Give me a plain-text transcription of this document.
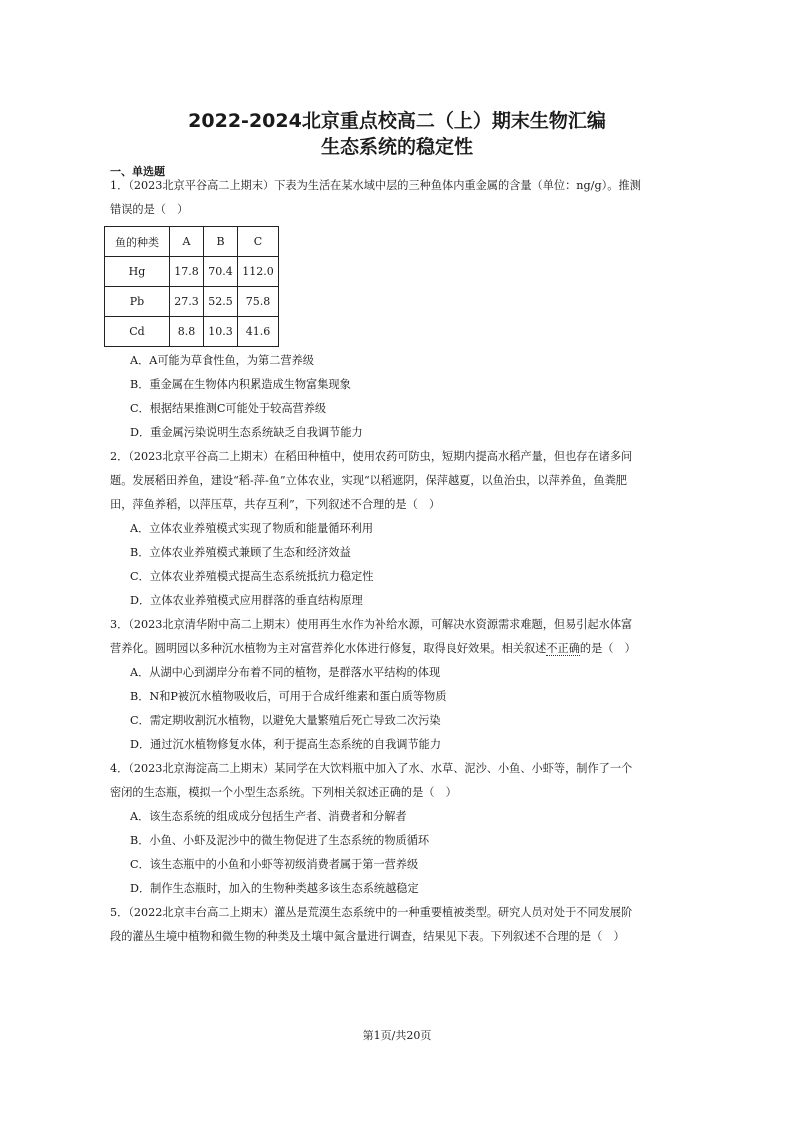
2022-2024北京重点校高二（上）期末生物汇编
生态系统的稳定性
一、单选题
1．（2023北京平谷高二上期末）下表为生活在某水域中层的三种鱼体内重金属的含量（单位：ng/g）。推测
错误的是（　）
鱼的种类	A	B	C
Hg	17.8	70.4	112.0
Pb	27.3	52.5	75.8
Cd	8.8	10.3	41.6
A．A可能为草食性鱼，为第二营养级
B．重金属在生物体内积累造成生物富集现象
C．根据结果推测C可能处于较高营养级
D．重金属污染说明生态系统缺乏自我调节能力
2．（2023北京平谷高二上期末）在稻田种植中，使用农药可防虫，短期内提高水稻产量，但也存在诸多问
题。发展稻田养鱼，建设“稻-萍-鱼”立体农业，实现“以稻遮阴，保萍越夏，以鱼治虫，以萍养鱼，鱼粪肥
田，萍鱼养稻，以萍压草，共存互利”，下列叙述不合理的是（　）
A．立体农业养殖模式实现了物质和能量循环利用
B．立体农业养殖模式兼顾了生态和经济效益
C．立体农业养殖模式提高生态系统抵抗力稳定性
D．立体农业养殖模式应用群落的垂直结构原理
3．（2023北京清华附中高二上期末）使用再生水作为补给水源，可解决水资源需求难题，但易引起水体富
营养化。圆明园以多种沉水植物为主对富营养化水体进行修复，取得良好效果。相关叙述不正确的是（　）
A．从湖中心到湖岸分布着不同的植物，是群落水平结构的体现
B．N和P被沉水植物吸收后，可用于合成纤维素和蛋白质等物质
C．需定期收割沉水植物，以避免大量繁殖后死亡导致二次污染
D．通过沉水植物修复水体，利于提高生态系统的自我调节能力
4．（2023北京海淀高二上期末）某同学在大饮料瓶中加入了水、水草、泥沙、小鱼、小虾等，制作了一个
密闭的生态瓶，模拟一个小型生态系统。下列相关叙述正确的是（　）
A．该生态系统的组成成分包括生产者、消费者和分解者
B．小鱼、小虾及泥沙中的微生物促进了生态系统的物质循环
C．该生态瓶中的小鱼和小虾等初级消费者属于第一营养级
D．制作生态瓶时，加入的生物种类越多该生态系统越稳定
5．（2022北京丰台高二上期末）灌丛是荒漠生态系统中的一种重要植被类型。研究人员对处于不同发展阶
段的灌丛生境中植物和微生物的种类及土壤中氮含量进行调查，结果见下表。下列叙述不合理的是（　）
第1页/共20页
